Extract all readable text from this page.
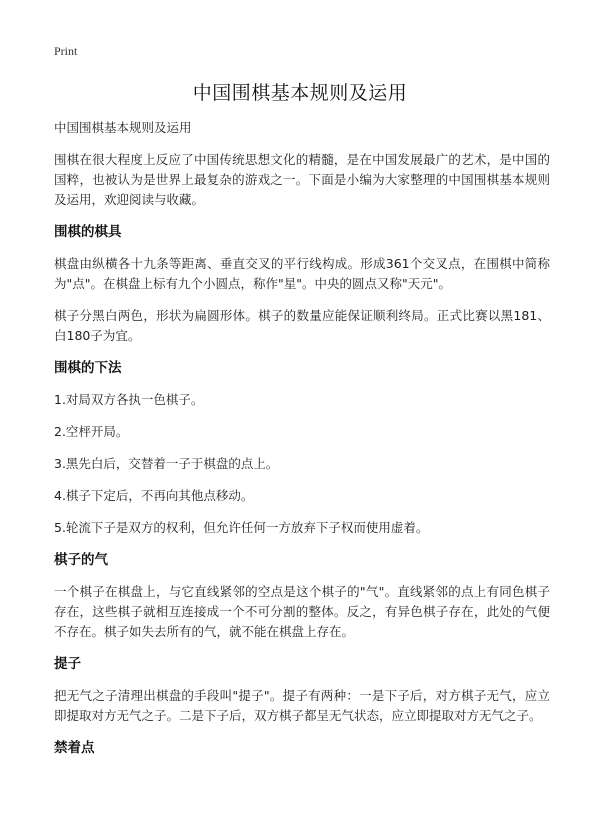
Print
中国围棋基本规则及运用

中国围棋基本规则及运用

围棋在很大程度上反应了中国传统思想文化的精髓，是在中国发展最广的艺术，是中国的国粹，也被认为是世界上最复杂的游戏之一。下面是小编为大家整理的中国围棋基本规则及运用，欢迎阅读与收藏。

围棋的棋具

棋盘由纵横各十九条等距离、垂直交叉的平行线构成。形成361个交叉点，在围棋中简称为"点"。在棋盘上标有九个小圆点，称作"星"。中央的圆点又称"天元"。

棋子分黑白两色，形状为扁圆形体。棋子的数量应能保证顺利终局。正式比赛以黑181、白180子为宜。

围棋的下法
1.对局双方各执一色棋子。
2.空枰开局。
3.黑先白后，交替着一子于棋盘的点上。
4.棋子下定后，不再向其他点移动。
5.轮流下子是双方的权利，但允许任何一方放弃下子权而使用虚着。
棋子的气

一个棋子在棋盘上，与它直线紧邻的空点是这个棋子的"气"。直线紧邻的点上有同色棋子存在，这些棋子就相互连接成一个不可分割的整体。反之，有异色棋子存在，此处的气便不存在。棋子如失去所有的气，就不能在棋盘上存在。

提子

把无气之子清理出棋盘的手段叫"提子"。提子有两种：一是下子后，对方棋子无气，应立即提取对方无气之子。二是下子后，双方棋子都呈无气状态，应立即提取对方无气之子。

禁着点
